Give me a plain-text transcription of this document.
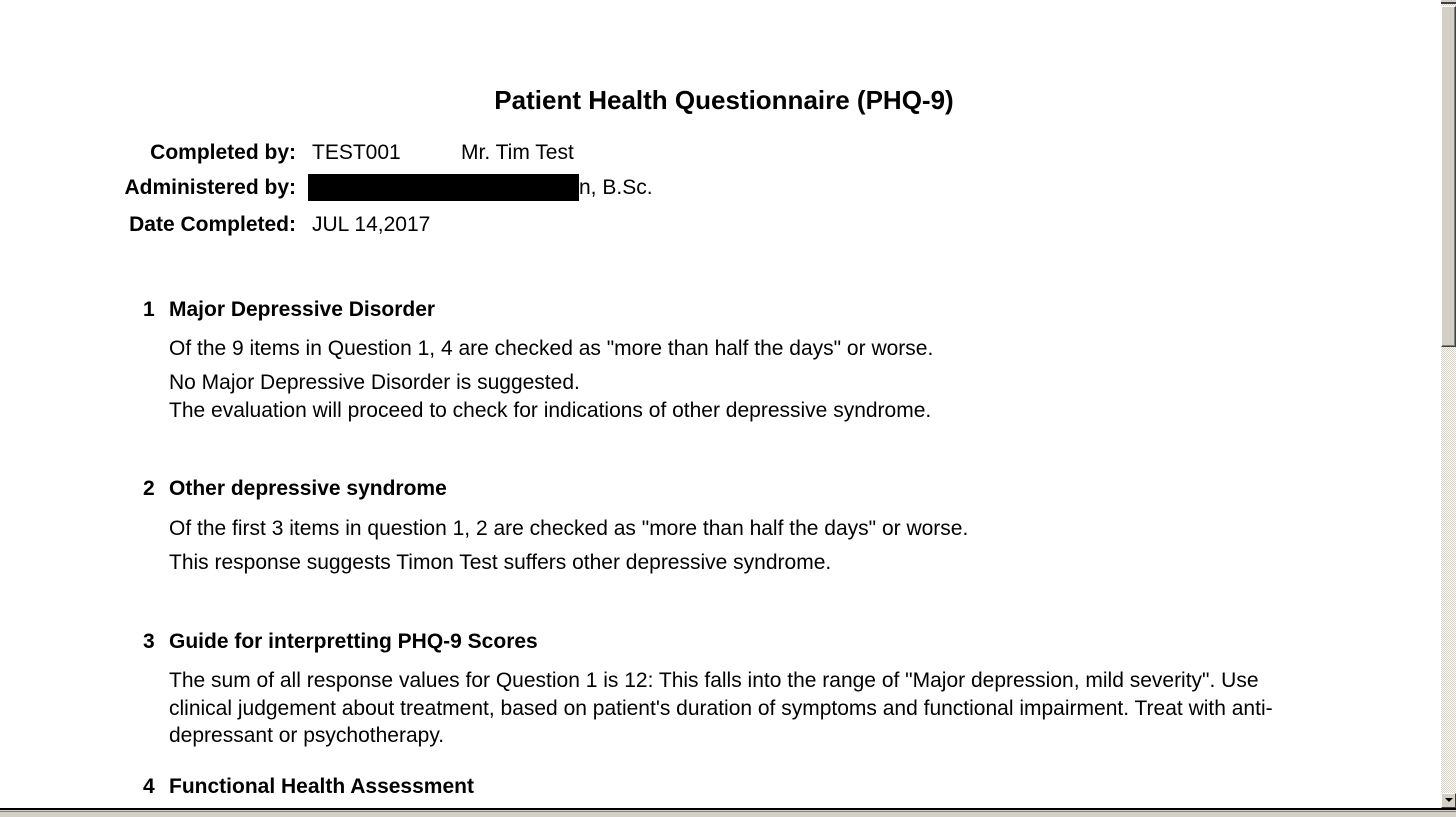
Patient Health Questionnaire (PHQ-9)
Completed by: TEST001	Mr. Tim Test
Administered by:	n, B.Sc.
Date Completed: JUL 14,2017
1 Major Depressive Disorder
Of the 9 items in Question 1, 4 are checked as "more than half the days" or worse.
No Major Depressive Disorder is suggested.
The evaluation will proceed to check for indications of other depressive syndrome.
2 Other depressive syndrome
Of the first 3 items in question 1, 2 are checked as "more than half the days" or worse.
This response suggests Timon Test suffers other depressive syndrome.
3 Guide for interpretting PHQ-9 Scores
The sum of all response values for Question 1 is 12: This falls into the range of "Major depression, mild severity". Use clinical judgement about treatment, based on patient's duration of symptoms and functional impairment. Treat with anti-depressant or psychotherapy.
4 Functional Health Assessment
